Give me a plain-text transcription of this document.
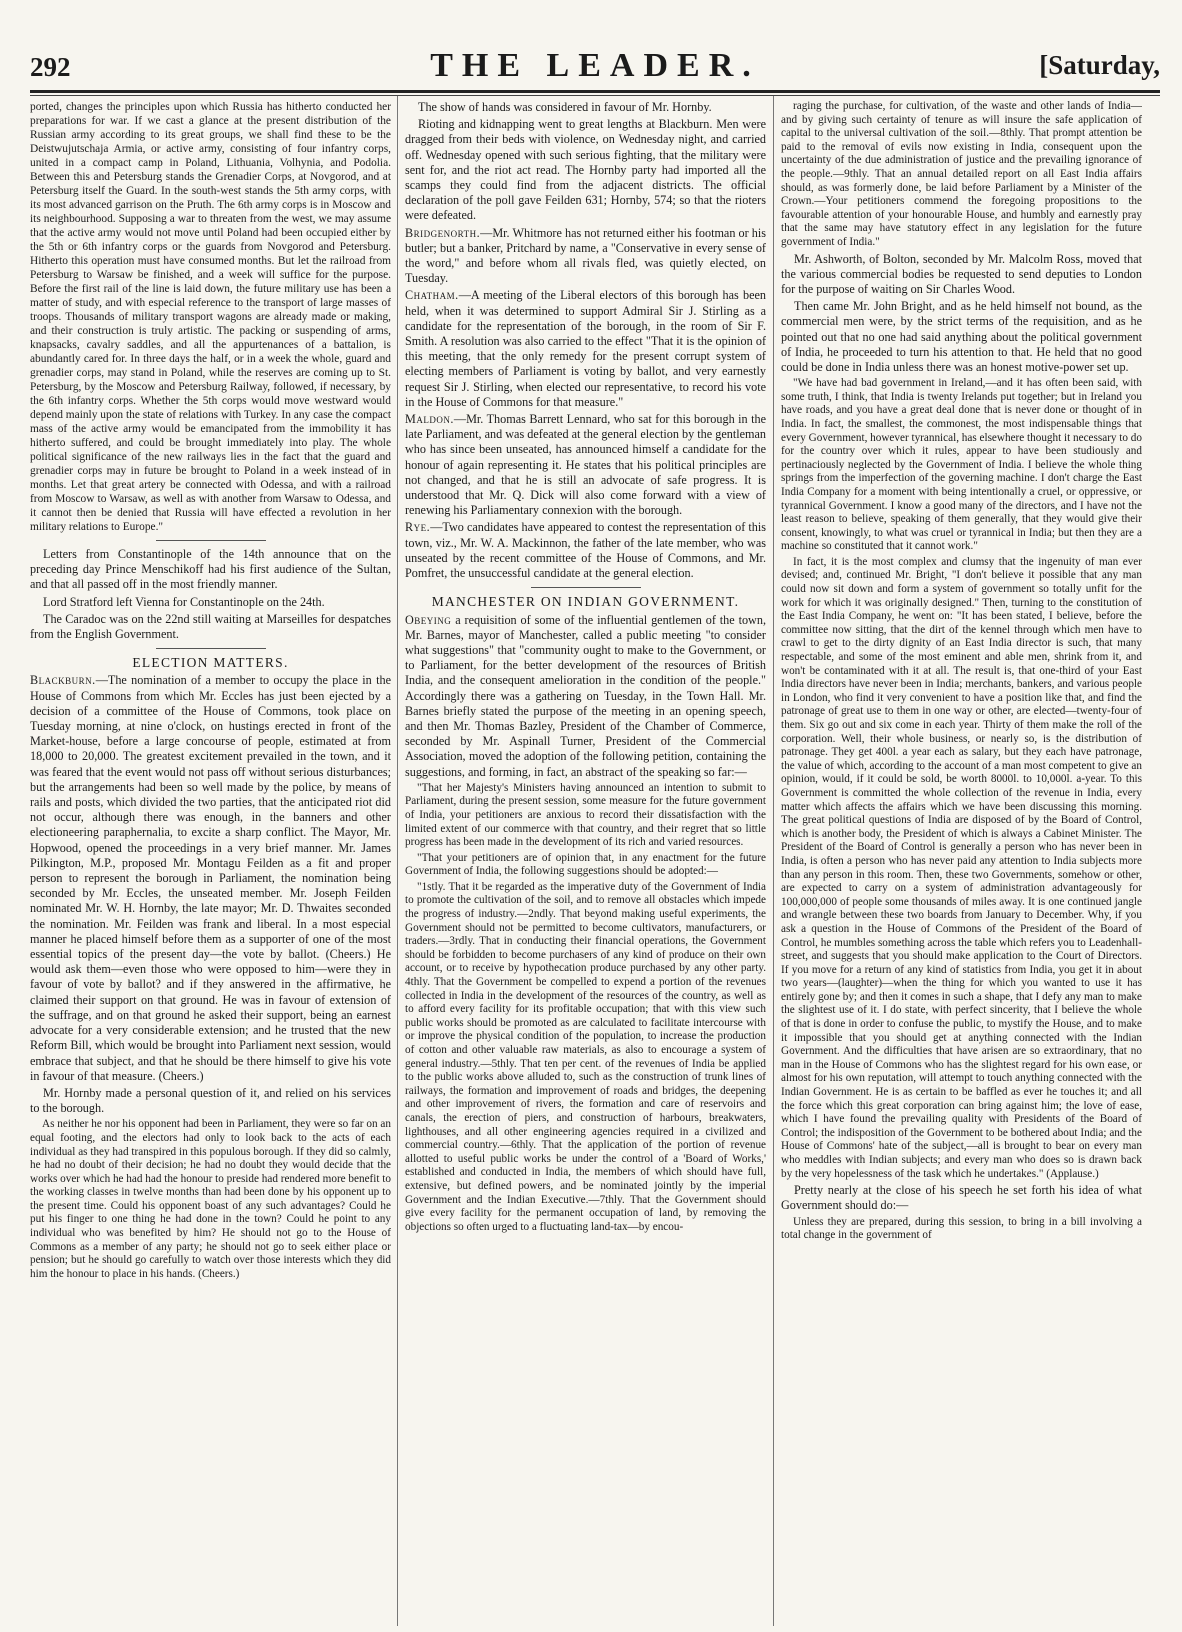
292	THE LEADER.	[Saturday,

ported, changes the principles upon which Russia has hitherto conducted her preparations for war. If we cast a glance at the present distribution of the Russian army according to its great groups, we shall find these to be the Deistwujutschaja Armia, or active army, consisting of four infantry corps, united in a compact camp in Poland, Lithuania, Volhynia, and Podolia. Between this and Petersburg stands the Grenadier Corps, at Novgorod, and at Petersburg itself the Guard. In the south-west stands the 5th army corps, with its most advanced garrison on the Pruth. The 6th army corps is in Moscow and its neighbourhood. Supposing a war to threaten from the west, we may assume that the active army would not move until Poland had been occupied either by the 5th or 6th infantry corps or the guards from Novgorod and Petersburg. Hitherto this operation must have consumed months. But let the railroad from Petersburg to Warsaw be finished, and a week will suffice for the purpose. Before the first rail of the line is laid down, the future military use has been a matter of study, and with especial reference to the transport of large masses of troops. Thousands of military transport wagons are already made or making, and their construction is truly artistic. The packing or suspending of arms, knapsacks, cavalry saddles, and all the appurtenances of a battalion, is abundantly cared for. In three days the half, or in a week the whole, guard and grenadier corps, may stand in Poland, while the reserves are coming up to St. Petersburg, by the Moscow and Petersburg Railway, followed, if necessary, by the 6th infantry corps. Whether the 5th corps would move westward would depend mainly upon the state of relations with Turkey. In any case the compact mass of the active army would be emancipated from the immobility it has hitherto suffered, and could be brought immediately into play. The whole political significance of the new railways lies in the fact that the guard and grenadier corps may in future be brought to Poland in a week instead of in months. Let that great artery be connected with Odessa, and with a railroad from Moscow to Warsaw, as well as with another from Warsaw to Odessa, and it cannot then be denied that Russia will have effected a revolution in her military relations to Europe."

Letters from Constantinople of the 14th announce that on the preceding day Prince Menschikoff had his first audience of the Sultan, and that all passed off in the most friendly manner.

Lord Stratford left Vienna for Constantinople on the 24th.

The Caradoc was on the 22nd still waiting at Marseilles for despatches from the English Government.

ELECTION MATTERS.

Blackburn.—The nomination of a member to occupy the place in the House of Commons from which Mr. Eccles has just been ejected by a decision of a committee of the House of Commons, took place on Tuesday morning, at nine o'clock, on hustings erected in front of the Market-house, before a large concourse of people, estimated at from 18,000 to 20,000. The greatest excitement prevailed in the town, and it was feared that the event would not pass off without serious disturbances; but the arrangements had been so well made by the police, by means of rails and posts, which divided the two parties, that the anticipated riot did not occur, although there was enough, in the banners and other electioneering paraphernalia, to excite a sharp conflict. The Mayor, Mr. Hopwood, opened the proceedings in a very brief manner. Mr. James Pilkington, M.P., proposed Mr. Montagu Feilden as a fit and proper person to represent the borough in Parliament, the nomination being seconded by Mr. Eccles, the unseated member. Mr. Joseph Feilden nominated Mr. W. H. Hornby, the late mayor; Mr. D. Thwaites seconded the nomination. Mr. Feilden was frank and liberal. In a most especial manner he placed himself before them as a supporter of one of the most essential topics of the present day—the vote by ballot. (Cheers.) He would ask them—even those who were opposed to him—were they in favour of vote by ballot? and if they answered in the affirmative, he claimed their support on that ground. He was in favour of extension of the suffrage, and on that ground he asked their support, being an earnest advocate for a very considerable extension; and he trusted that the new Reform Bill, which would be brought into Parliament next session, would embrace that subject, and that he should be there himself to give his vote in favour of that measure. (Cheers.)

Mr. Hornby made a personal question of it, and relied on his services to the borough.

As neither he nor his opponent had been in Parliament, they were so far on an equal footing, and the electors had only to look back to the acts of each individual as they had transpired in this populous borough. If they did so calmly, he had no doubt of their decision; he had no doubt they would decide that the works over which he had had the honour to preside had rendered more benefit to the working classes in twelve months than had been done by his opponent up to the present time. Could his opponent boast of any such advantages? Could he put his finger to one thing he had done in the town? Could he point to any individual who was benefited by him? He should not go to the House of Commons as a member of any party; he should not go to seek either place or pension; but he should go carefully to watch over those interests which they did him the honour to place in his hands. (Cheers.)

The show of hands was considered in favour of Mr. Hornby.

Rioting and kidnapping went to great lengths at Blackburn. Men were dragged from their beds with violence, on Wednesday night, and carried off. Wednesday opened with such serious fighting, that the military were sent for, and the riot act read. The Hornby party had imported all the scamps they could find from the adjacent districts. The official declaration of the poll gave Feilden 631; Hornby, 574; so that the rioters were defeated.

Bridgenorth.—Mr. Whitmore has not returned either his footman or his butler; but a banker, Pritchard by name, a "Conservative in every sense of the word," and before whom all rivals fled, was quietly elected, on Tuesday.

Chatham.—A meeting of the Liberal electors of this borough has been held, when it was determined to support Admiral Sir J. Stirling as a candidate for the representation of the borough, in the room of Sir F. Smith. A resolution was also carried to the effect "That it is the opinion of this meeting, that the only remedy for the present corrupt system of electing members of Parliament is voting by ballot, and very earnestly request Sir J. Stirling, when elected our representative, to record his vote in the House of Commons for that measure."

Maldon.—Mr. Thomas Barrett Lennard, who sat for this borough in the late Parliament, and was defeated at the general election by the gentleman who has since been unseated, has announced himself a candidate for the honour of again representing it. He states that his political principles are not changed, and that he is still an advocate of safe progress. It is understood that Mr. Q. Dick will also come forward with a view of renewing his Parliamentary connexion with the borough.

Rye.—Two candidates have appeared to contest the representation of this town, viz., Mr. W. A. Mackinnon, the father of the late member, who was unseated by the recent committee of the House of Commons, and Mr. Pomfret, the unsuccessful candidate at the general election.

MANCHESTER ON INDIAN GOVERNMENT.

Obeying a requisition of some of the influential gentlemen of the town, Mr. Barnes, mayor of Manchester, called a public meeting "to consider what suggestions" that "community ought to make to the Government, or to Parliament, for the better development of the resources of British India, and the consequent amelioration in the condition of the people." Accordingly there was a gathering on Tuesday, in the Town Hall. Mr. Barnes briefly stated the purpose of the meeting in an opening speech, and then Mr. Thomas Bazley, President of the Chamber of Commerce, seconded by Mr. Aspinall Turner, President of the Commercial Association, moved the adoption of the following petition, containing the suggestions, and forming, in fact, an abstract of the speaking so far:—

"That her Majesty's Ministers having announced an intention to submit to Parliament, during the present session, some measure for the future government of India, your petitioners are anxious to record their dissatisfaction with the limited extent of our commerce with that country, and their regret that so little progress has been made in the development of its rich and varied resources.

"That your petitioners are of opinion that, in any enactment for the future Government of India, the following suggestions should be adopted:—

"1stly. That it be regarded as the imperative duty of the Government of India to promote the cultivation of the soil, and to remove all obstacles which impede the progress of industry.—2ndly. That beyond making useful experiments, the Government should not be permitted to become cultivators, manufacturers, or traders.—3rdly. That in conducting their financial operations, the Government should be forbidden to become purchasers of any kind of produce on their own account, or to receive by hypothecation produce purchased by any other party. 4thly. That the Government be compelled to expend a portion of the revenues collected in India in the development of the resources of the country, as well as to afford every facility for its profitable occupation; that with this view such public works should be promoted as are calculated to facilitate intercourse with or improve the physical condition of the population, to increase the production of cotton and other valuable raw materials, as also to encourage a system of general industry.—5thly. That ten per cent. of the revenues of India be applied to the public works above alluded to, such as the construction of trunk lines of railways, the formation and improvement of roads and bridges, the deepening and other improvement of rivers, the formation and care of reservoirs and canals, the erection of piers, and construction of harbours, breakwaters, lighthouses, and all other engineering agencies required in a civilized and commercial country.—6thly. That the application of the portion of revenue allotted to useful public works be under the control of a 'Board of Works,' established and conducted in India, the members of which should have full, extensive, but defined powers, and be nominated jointly by the imperial Government and the Indian Executive.—7thly. That the Government should give every facility for the permanent occupation of land, by removing the objections so often urged to a fluctuating land-tax—by encou-

raging the purchase, for cultivation, of the waste and other lands of India—and by giving such certainty of tenure as will insure the safe application of capital to the universal cultivation of the soil.—8thly. That prompt attention be paid to the removal of evils now existing in India, consequent upon the uncertainty of the due administration of justice and the prevailing ignorance of the people.—9thly. That an annual detailed report on all East India affairs should, as was formerly done, be laid before Parliament by a Minister of the Crown.—Your petitioners commend the foregoing propositions to the favourable attention of your honourable House, and humbly and earnestly pray that the same may have statutory effect in any legislation for the future government of India."

Mr. Ashworth, of Bolton, seconded by Mr. Malcolm Ross, moved that the various commercial bodies be requested to send deputies to London for the purpose of waiting on Sir Charles Wood.

Then came Mr. John Bright, and as he held himself not bound, as the commercial men were, by the strict terms of the requisition, and as he pointed out that no one had said anything about the political government of India, he proceeded to turn his attention to that. He held that no good could be done in India unless there was an honest motive-power set up.

"We have had bad government in Ireland,—and it has often been said, with some truth, I think, that India is twenty Irelands put together; but in Ireland you have roads, and you have a great deal done that is never done or thought of in India. In fact, the smallest, the commonest, the most indispensable things that every Government, however tyrannical, has elsewhere thought it necessary to do for the country over which it rules, appear to have been studiously and pertinaciously neglected by the Government of India. I believe the whole thing springs from the imperfection of the governing machine. I don't charge the East India Company for a moment with being intentionally a cruel, or oppressive, or tyrannical Government. I know a good many of the directors, and I have not the least reason to believe, speaking of them generally, that they would give their consent, knowingly, to what was cruel or tyrannical in India; but then they are a machine so constituted that it cannot work."

In fact, it is the most complex and clumsy that the ingenuity of man ever devised; and, continued Mr. Bright, "I don't believe it possible that any man could now sit down and form a system of government so totally unfit for the work for which it was originally designed." Then, turning to the constitution of the East India Company, he went on: "It has been stated, I believe, before the committee now sitting, that the dirt of the kennel through which men have to crawl to get to the dirty dignity of an East India director is such, that many respectable, and some of the most eminent and able men, shrink from it, and won't be contaminated with it at all. The result is, that one-third of your East India directors have never been in India; merchants, bankers, and various people in London, who find it very convenient to have a position like that, and find the patronage of great use to them in one way or other, are elected—twenty-four of them. Six go out and six come in each year. Thirty of them make the roll of the corporation. Well, their whole business, or nearly so, is the distribution of patronage. They get 400l. a year each as salary, but they each have patronage, the value of which, according to the account of a man most competent to give an opinion, would, if it could be sold, be worth 8000l. to 10,000l. a-year. To this Government is committed the whole collection of the revenue in India, every matter which affects the affairs which we have been discussing this morning. The great political questions of India are disposed of by the Board of Control, which is another body, the President of which is always a Cabinet Minister. The President of the Board of Control is generally a person who has never been in India, is often a person who has never paid any attention to India subjects more than any person in this room. Then, these two Governments, somehow or other, are expected to carry on a system of administration advantageously for 100,000,000 of people some thousands of miles away. It is one continued jangle and wrangle between these two boards from January to December. Why, if you ask a question in the House of Commons of the President of the Board of Control, he mumbles something across the table which refers you to Leadenhall-street, and suggests that you should make application to the Court of Directors. If you move for a return of any kind of statistics from India, you get it in about two years—(laughter)—when the thing for which you wanted to use it has entirely gone by; and then it comes in such a shape, that I defy any man to make the slightest use of it. I do state, with perfect sincerity, that I believe the whole of that is done in order to confuse the public, to mystify the House, and to make it impossible that you should get at anything connected with the Indian Government. And the difficulties that have arisen are so extraordinary, that no man in the House of Commons who has the slightest regard for his own ease, or almost for his own reputation, will attempt to touch anything connected with the Indian Government. He is as certain to be baffled as ever he touches it; and all the force which this great corporation can bring against him; the love of ease, which I have found the prevailing quality with Presidents of the Board of Control; the indisposition of the Government to be bothered about India; and the House of Commons' hate of the subject,—all is brought to bear on every man who meddles with Indian subjects; and every man who does so is drawn back by the very hopelessness of the task which he undertakes." (Applause.)

Pretty nearly at the close of his speech he set forth his idea of what Government should do:—

Unless they are prepared, during this session, to bring in a bill involving a total change in the government of
